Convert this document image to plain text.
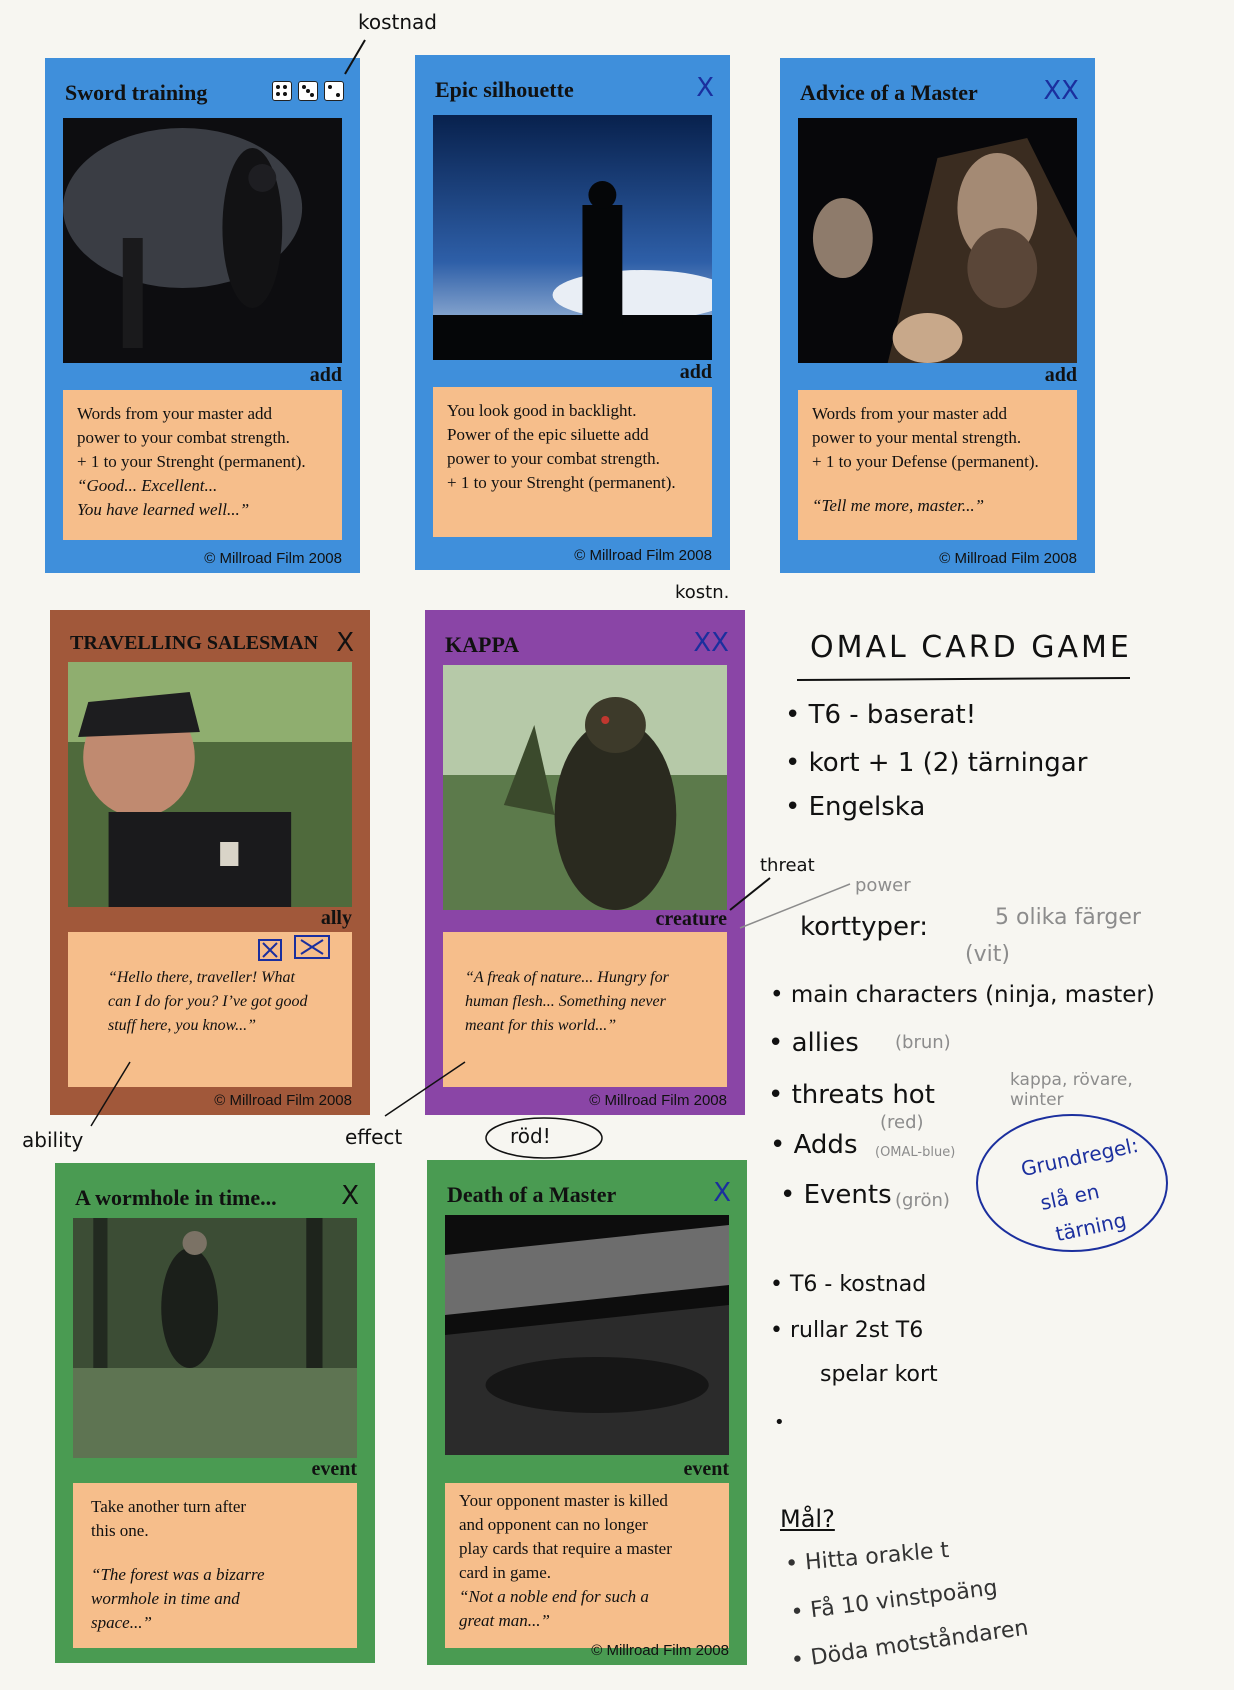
Sword training
add
Words from your master add
power to your combat strength.
+ 1 to your Strenght (permanent).
“Good... Excellent...
You have learned well...”
© Millroad Film 2008
Epic silhouette	X
add
You look good in backlight.
Power of the epic siluette add
power to your combat strength.
+ 1 to your Strenght (permanent).
© Millroad Film 2008
Advice of a Master	XX
add
Words from your master add
power to your mental strength.
+ 1 to your Defense (permanent).
“Tell me more, master...”
© Millroad Film 2008
TRAVELLING SALESMAN X
ally
“Hello there, traveller! What
can I do for you? I’ve got good
stuff here, you know...”
© Millroad Film 2008
KAPPA	XX
creature
“A freak of nature... Hungry for
human flesh... Something never
meant for this world...”
© Millroad Film 2008
A wormhole in time... X
event
Take another turn after
this one.
“The forest was a bizarre
wormhole in time and
space...”
Death of a Master	X
event
Your opponent master is killed
and opponent can no longer
play cards that require a master
card in game.
“Not a noble end for such a
great man...”
© Millroad Film 2008
kostnad
kostn.
threat
power
ability	effect	röd!
OMAL CARD GAME
• T6 - baserat!
• kort + 1 (2) tärningar
• Engelska
korttyper:	5 olika färger
(vit)
• main characters (ninja, master)
• allies (brun)
• threats hot	kappa, rövare, winter
• Adds
(red)
(OMAL-blue)
• Events (grön)
Grundregel:
slå en
tärning
• T6 - kostnad
• rullar 2st T6
spelar kort
•
Mål?
• Hitta orakle t
• Få 10 vinstpoäng
• Döda motståndaren
